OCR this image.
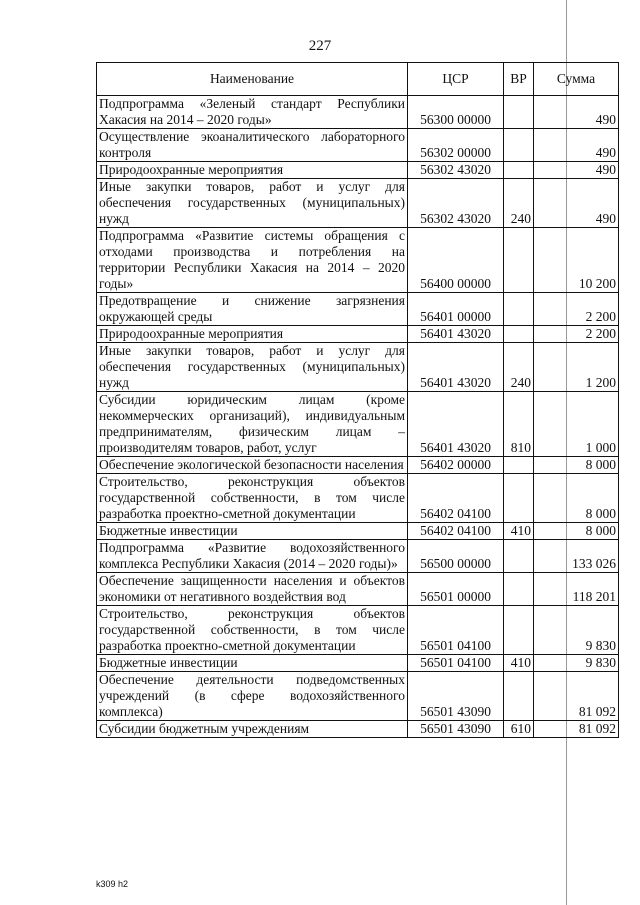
227
Наименование	ЦСР	ВР	Сумма
Подпрограмма «Зеленый стандарт Республики Хакасия на 2014 – 2020 годы»	56300 00000		490
Осуществление экоаналитического лабораторного контроля	56302 00000		490
Природоохранные мероприятия	56302 43020		490
Иные закупки товаров, работ и услуг для обеспечения государственных (муниципальных) нужд	56302 43020	240	490
Подпрограмма «Развитие системы обращения с отходами производства и потребления на территории Республики Хакасия на 2014 – 2020 годы»	56400 00000		10 200
Предотвращение и снижение загрязнения окружающей среды	56401 00000		2 200
Природоохранные мероприятия	56401 43020		2 200
Иные закупки товаров, работ и услуг для обеспечения государственных (муниципальных) нужд	56401 43020	240	1 200
Субсидии юридическим лицам (кроме некоммерческих организаций), индивидуальным предпринимателям, физическим лицам – производителям товаров, работ, услуг	56401 43020	810	1 000
Обеспечение экологической безопасности населения	56402 00000		8 000
Строительство, реконструкция объектов государственной собственности, в том числе разработка проектно-сметной документации	56402 04100		8 000
Бюджетные инвестиции	56402 04100	410	8 000
Подпрограмма «Развитие водохозяйственного комплекса Республики Хакасия (2014 – 2020 годы)»	56500 00000		133 026
Обеспечение защищенности населения и объектов экономики от негативного воздействия вод	56501 00000		118 201
Строительство, реконструкция объектов государственной собственности, в том числе разработка проектно-сметной документации	56501 04100		9 830
Бюджетные инвестиции	56501 04100	410	9 830
Обеспечение деятельности подведомственных учреждений (в сфере водохозяйственного комплекса)	56501 43090		81 092
Субсидии бюджетным учреждениям	56501 43090	610	81 092
k309 h2
